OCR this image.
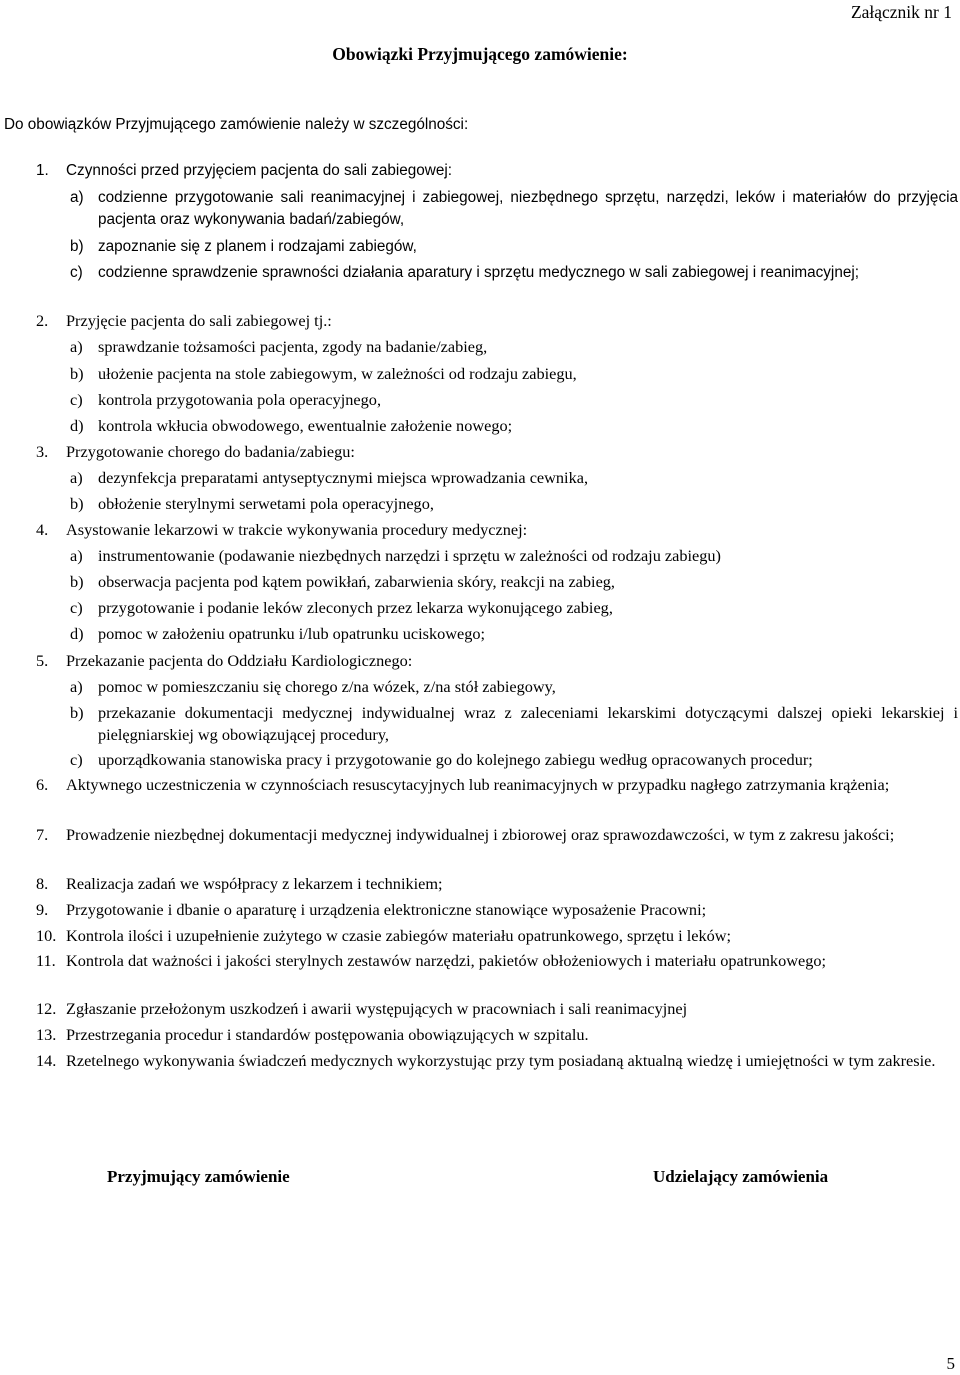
Załącznik nr 1
Obowiązki Przyjmującego zamówienie:
Do obowiązków Przyjmującego zamówienie należy w szczególności:
1. Czynności przed przyjęciem pacjenta do sali zabiegowej:
a) codzienne przygotowanie sali reanimacyjnej i zabiegowej, niezbędnego sprzętu, narzędzi, leków i materiałów do przyjęcia pacjenta oraz wykonywania badań/zabiegów,
b) zapoznanie się z planem i rodzajami zabiegów,
c) codzienne sprawdzenie sprawności działania aparatury i sprzętu medycznego w sali zabiegowej i reanimacyjnej;
2. Przyjęcie pacjenta do sali zabiegowej tj.:
a) sprawdzanie tożsamości pacjenta, zgody na badanie/zabieg,
b) ułożenie pacjenta na stole zabiegowym, w zależności od rodzaju zabiegu,
c) kontrola przygotowania pola operacyjnego,
d) kontrola wkłucia obwodowego, ewentualnie założenie nowego;
3. Przygotowanie chorego do badania/zabiegu:
a) dezynfekcja preparatami antyseptycznymi miejsca wprowadzania cewnika,
b) obłożenie sterylnymi serwetami pola operacyjnego,
4. Asystowanie lekarzowi w trakcie wykonywania procedury medycznej:
a) instrumentowanie (podawanie niezbędnych narzędzi i sprzętu w zależności od rodzaju zabiegu)
b) obserwacja pacjenta pod kątem powikłań, zabarwienia skóry, reakcji na zabieg,
c) przygotowanie i podanie leków zleconych przez lekarza wykonującego zabieg,
d) pomoc w założeniu opatrunku i/lub opatrunku uciskowego;
5. Przekazanie pacjenta do Oddziału Kardiologicznego:
a) pomoc w pomieszczaniu się chorego z/na wózek, z/na stół zabiegowy,
b) przekazanie dokumentacji medycznej indywidualnej wraz z zaleceniami lekarskimi dotyczącymi dalszej opieki lekarskiej i pielęgniarskiej wg obowiązującej procedury,
c) uporządkowania stanowiska pracy i przygotowanie go do kolejnego zabiegu według opracowanych procedur;
6. Aktywnego uczestniczenia w czynnościach resuscytacyjnych lub reanimacyjnych w przypadku nagłego zatrzymania krążenia;
7. Prowadzenie niezbędnej dokumentacji medycznej indywidualnej i zbiorowej oraz sprawozdawczości, w tym z zakresu jakości;
8. Realizacja zadań we współpracy z lekarzem i technikiem;
9. Przygotowanie i dbanie o aparaturę i urządzenia elektroniczne stanowiące wyposażenie Pracowni;
10. Kontrola ilości i uzupełnienie zużytego w czasie zabiegów materiału opatrunkowego, sprzętu i leków;
11. Kontrola dat ważności i jakości sterylnych zestawów narzędzi, pakietów obłożeniowych i materiału opatrunkowego;
12. Zgłaszanie przełożonym uszkodzeń i awarii występujących w pracowniach i sali reanimacyjnej
13. Przestrzegania procedur i standardów postępowania obowiązujących w szpitalu.
14. Rzetelnego wykonywania świadczeń medycznych wykorzystując przy tym posiadaną aktualną wiedzę i umiejętności w tym zakresie.
Przyjmujący zamówienie	Udzielający zamówienia
5
